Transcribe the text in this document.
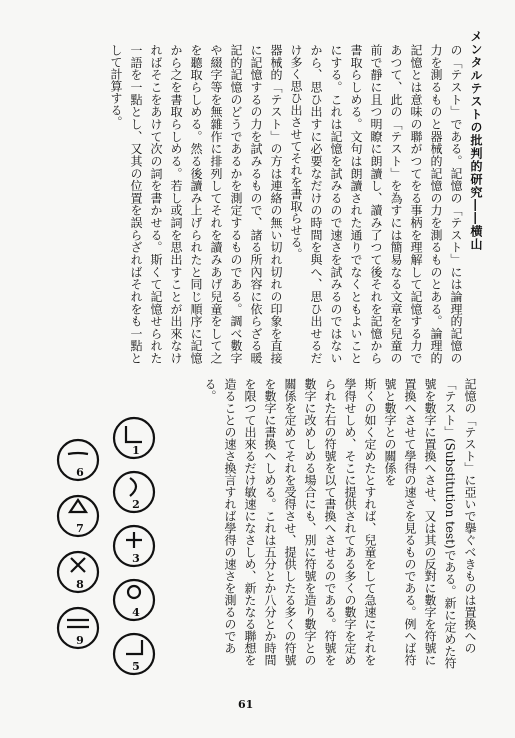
メンタルテストの批判的研究――横山

の「テスト」である。記憶の「テスト」には論理的記憶の力を測るものと器械的記憶の力を測るものとある。論理的記憶とは意味の聯がつてをる事柄を理解して記憶する力であつて、此の「テスト」を為すには簡易なる文章を兒童の前で靜に且つ明瞭に朗讀し、讀み了つて後それを記憶から書取らしめる。文句は朗讀された通りでなくともよいことにする。これは記憶を試みるので速さを試みるのではないから、思ひ出すに必要なだけの時間を與へ、思ひ出せるだけ多く思ひ出させてそれを書取らせる。

器械的「テスト」の方は連絡の無い切れ切れの印象を直接に記憶するの力を試みるもので、諸る所內容に依らざる暖記的記憶のどうであるかを測定するものである。調べ數字や綴字等を無雜作に排列してそれを讀みあげ兒童をして之を聽取らしめる。然る後讀み上げられたと同じ順序に記憶から之を書取らしめる。若し或詞を思出すことが出來なければそこをあけて次の詞を書かせる。斯くて記憶せられた一語を一點とし、又其の位置を誤らざればそれをも一點として計算する。

記憶の「テスト」に亞いで擧ぐべきものは置換への「テスト」(Substitution test)である。新に定めた符號を數字に置換へさせ、又は其の反對に數字を符號に置換へさせて學得の速さを見るものである。例へば符號と數字との關係を

斯くの如く定めたとすれば、兒童をして急速にそれを學得せしめ、そこに提供されてある多くの數字を定められた右の符號を以て書換へさせるのである。符號を數字に改めしめる場合にも、別に符號を造り數字との關係を定めてそれを受得させ、提供したる多くの符號を數字に書換へしめる。これは五分とか八分とか時間を限つて出來るだけ敏速になさしめ、新たなる聯想を造ることの速さ換言すれば學得の速さを測るのである。

1
2
3
4
5
6
7
8
9
61
